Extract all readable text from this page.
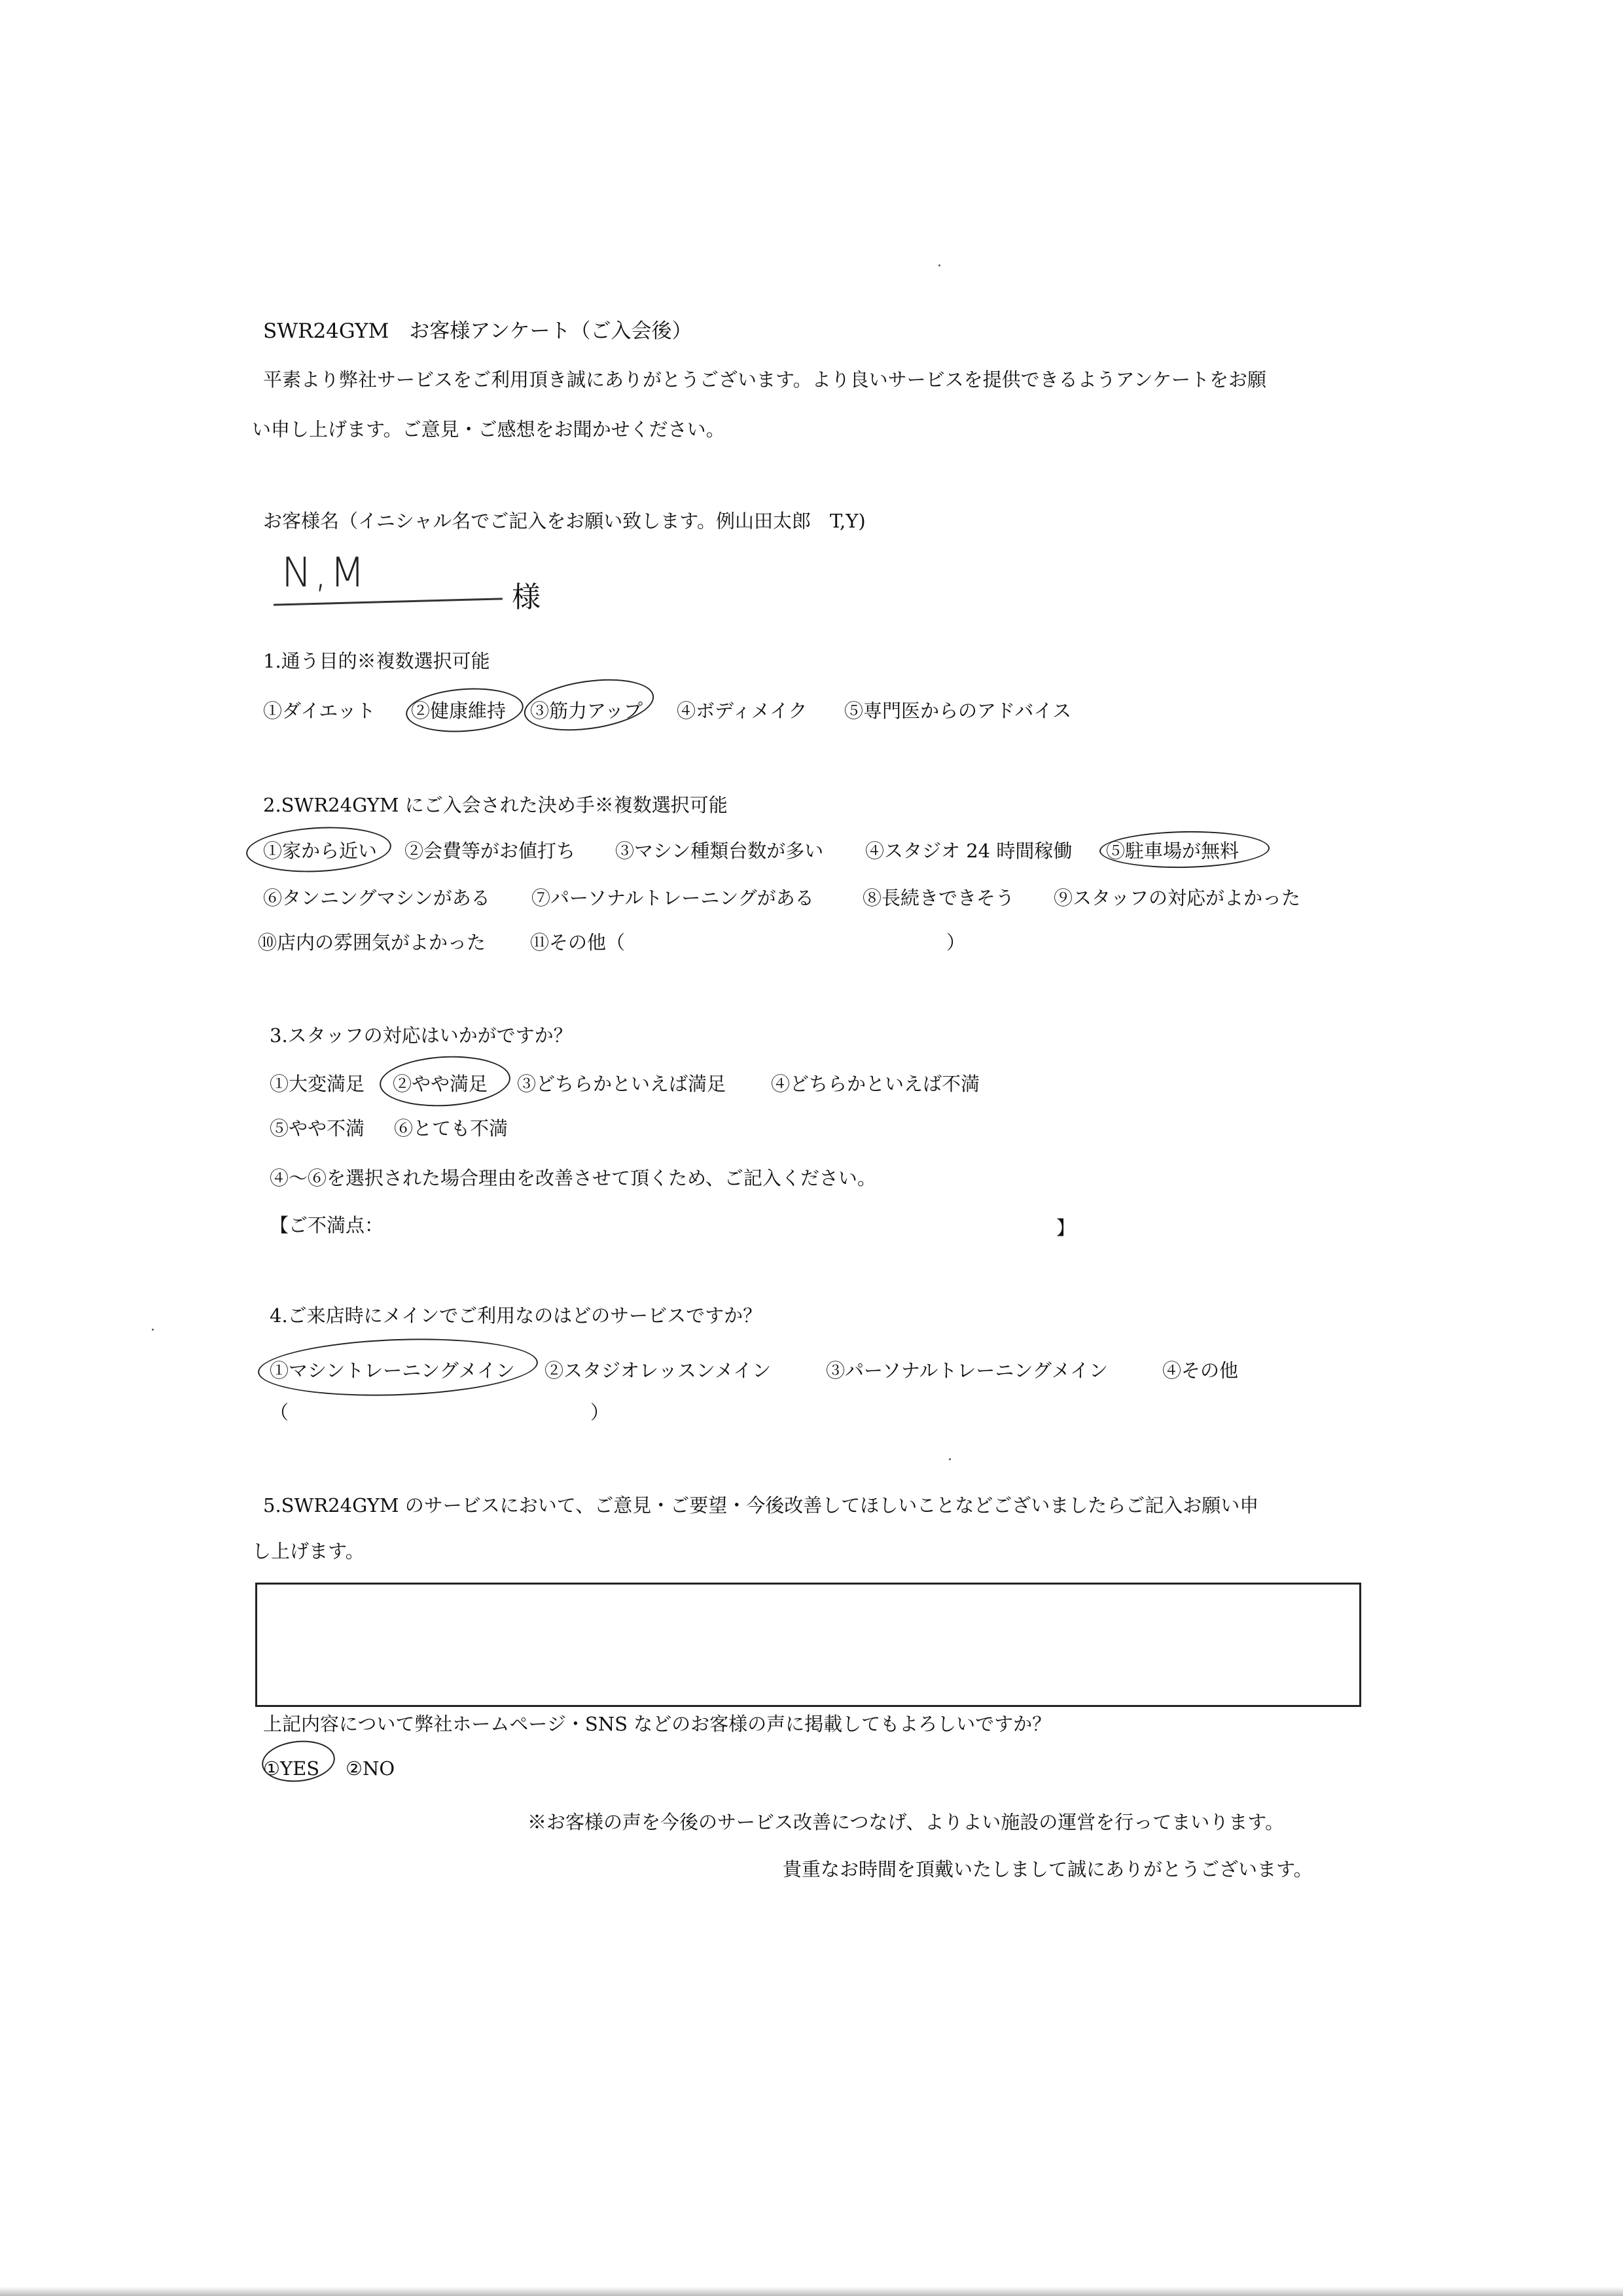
SWR24GYM　お客様アンケート（ご入会後）
平素より弊社サービスをご利用頂き誠にありがとうございます。より良いサービスを提供できるようアンケートをお願
い申し上げます。ご意見・ご感想をお聞かせください。
お客様名（イニシャル名でご記入をお願い致します。例山田太郎　T,Y)
N,M
様
1.通う目的※複数選択可能
①ダイエット ②健康維持 ③筋力アップ ④ボディメイク ⑤専門医からのアドバイス
2.SWR24GYM にご入会された決め手※複数選択可能
①家から近い ②会費等がお値打ち ③マシン種類台数が多い ④スタジオ 24 時間稼働 ⑤駐車場が無料
⑥タンニングマシンがある ⑦パーソナルトレーニングがある	⑧長続きできそう ⑨スタッフの対応がよかった
⑩店内の雰囲気がよかった ⑪その他（	）
3.スタッフの対応はいかがですか？
①大変満足 ②やや満足 ③どちらかといえば満足 ④どちらかといえば不満
⑤やや不満 ⑥とても不満
④～⑥を選択された場合理由を改善させて頂くため、ご記入ください。
【ご不満点：	】
4.ご来店時にメインでご利用なのはどのサービスですか？
①マシントレーニングメイン ②スタジオレッスンメイン	③パーソナルトレーニングメイン	④その他
（	）
5.SWR24GYM のサービスにおいて、ご意見・ご要望・今後改善してほしいことなどございましたらご記入お願い申
し上げます。
上記内容について弊社ホームページ・SNS などのお客様の声に掲載してもよろしいですか？
①YES ②NO
※お客様の声を今後のサービス改善につなげ、よりよい施設の運営を行ってまいります。
貴重なお時間を頂戴いたしまして誠にありがとうございます。
